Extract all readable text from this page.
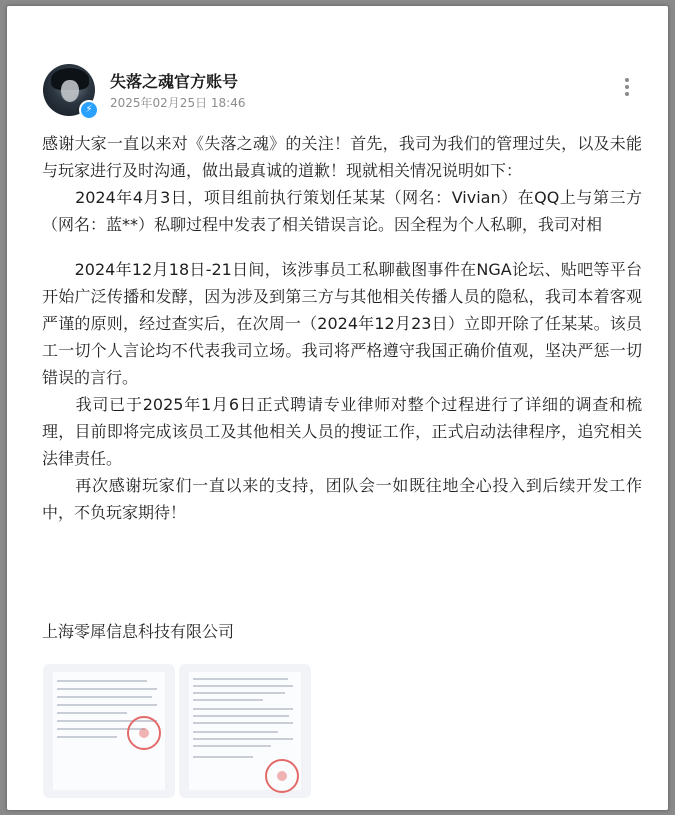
⚡
失落之魂官方账号
2025年02月25日 18:46

感谢大家一直以来对《失落之魂》的关注！首先，我司为我们的管理过失，以及未能与玩家进行及时沟通，做出最真诚的道歉！现就相关情况说明如下：

　　2024年4月3日，项目组前执行策划任某某（网名：Vivian）在QQ上与第三方（网名：蓝**）私聊过程中发表了相关错误言论。因全程为个人私聊，我司对相

　　2024年12月18日-21日间，该涉事员工私聊截图事件在NGA论坛、贴吧等平台开始广泛传播和发酵，因为涉及到第三方与其他相关传播人员的隐私，我司本着客观严谨的原则，经过查实后，在次周一（2024年12月23日）立即开除了任某某。该员工一切个人言论均不代表我司立场。我司将严格遵守我国正确价值观，坚决严惩一切错误的言行。

　　我司已于2025年1月6日正式聘请专业律师对整个过程进行了详细的调查和梳理，目前即将完成该员工及其他相关人员的搜证工作，正式启动法律程序，追究相关法律责任。

　　再次感谢玩家们一直以来的支持，团队会一如既往地全心投入到后续开发工作中，不负玩家期待！

上海零犀信息科技有限公司
